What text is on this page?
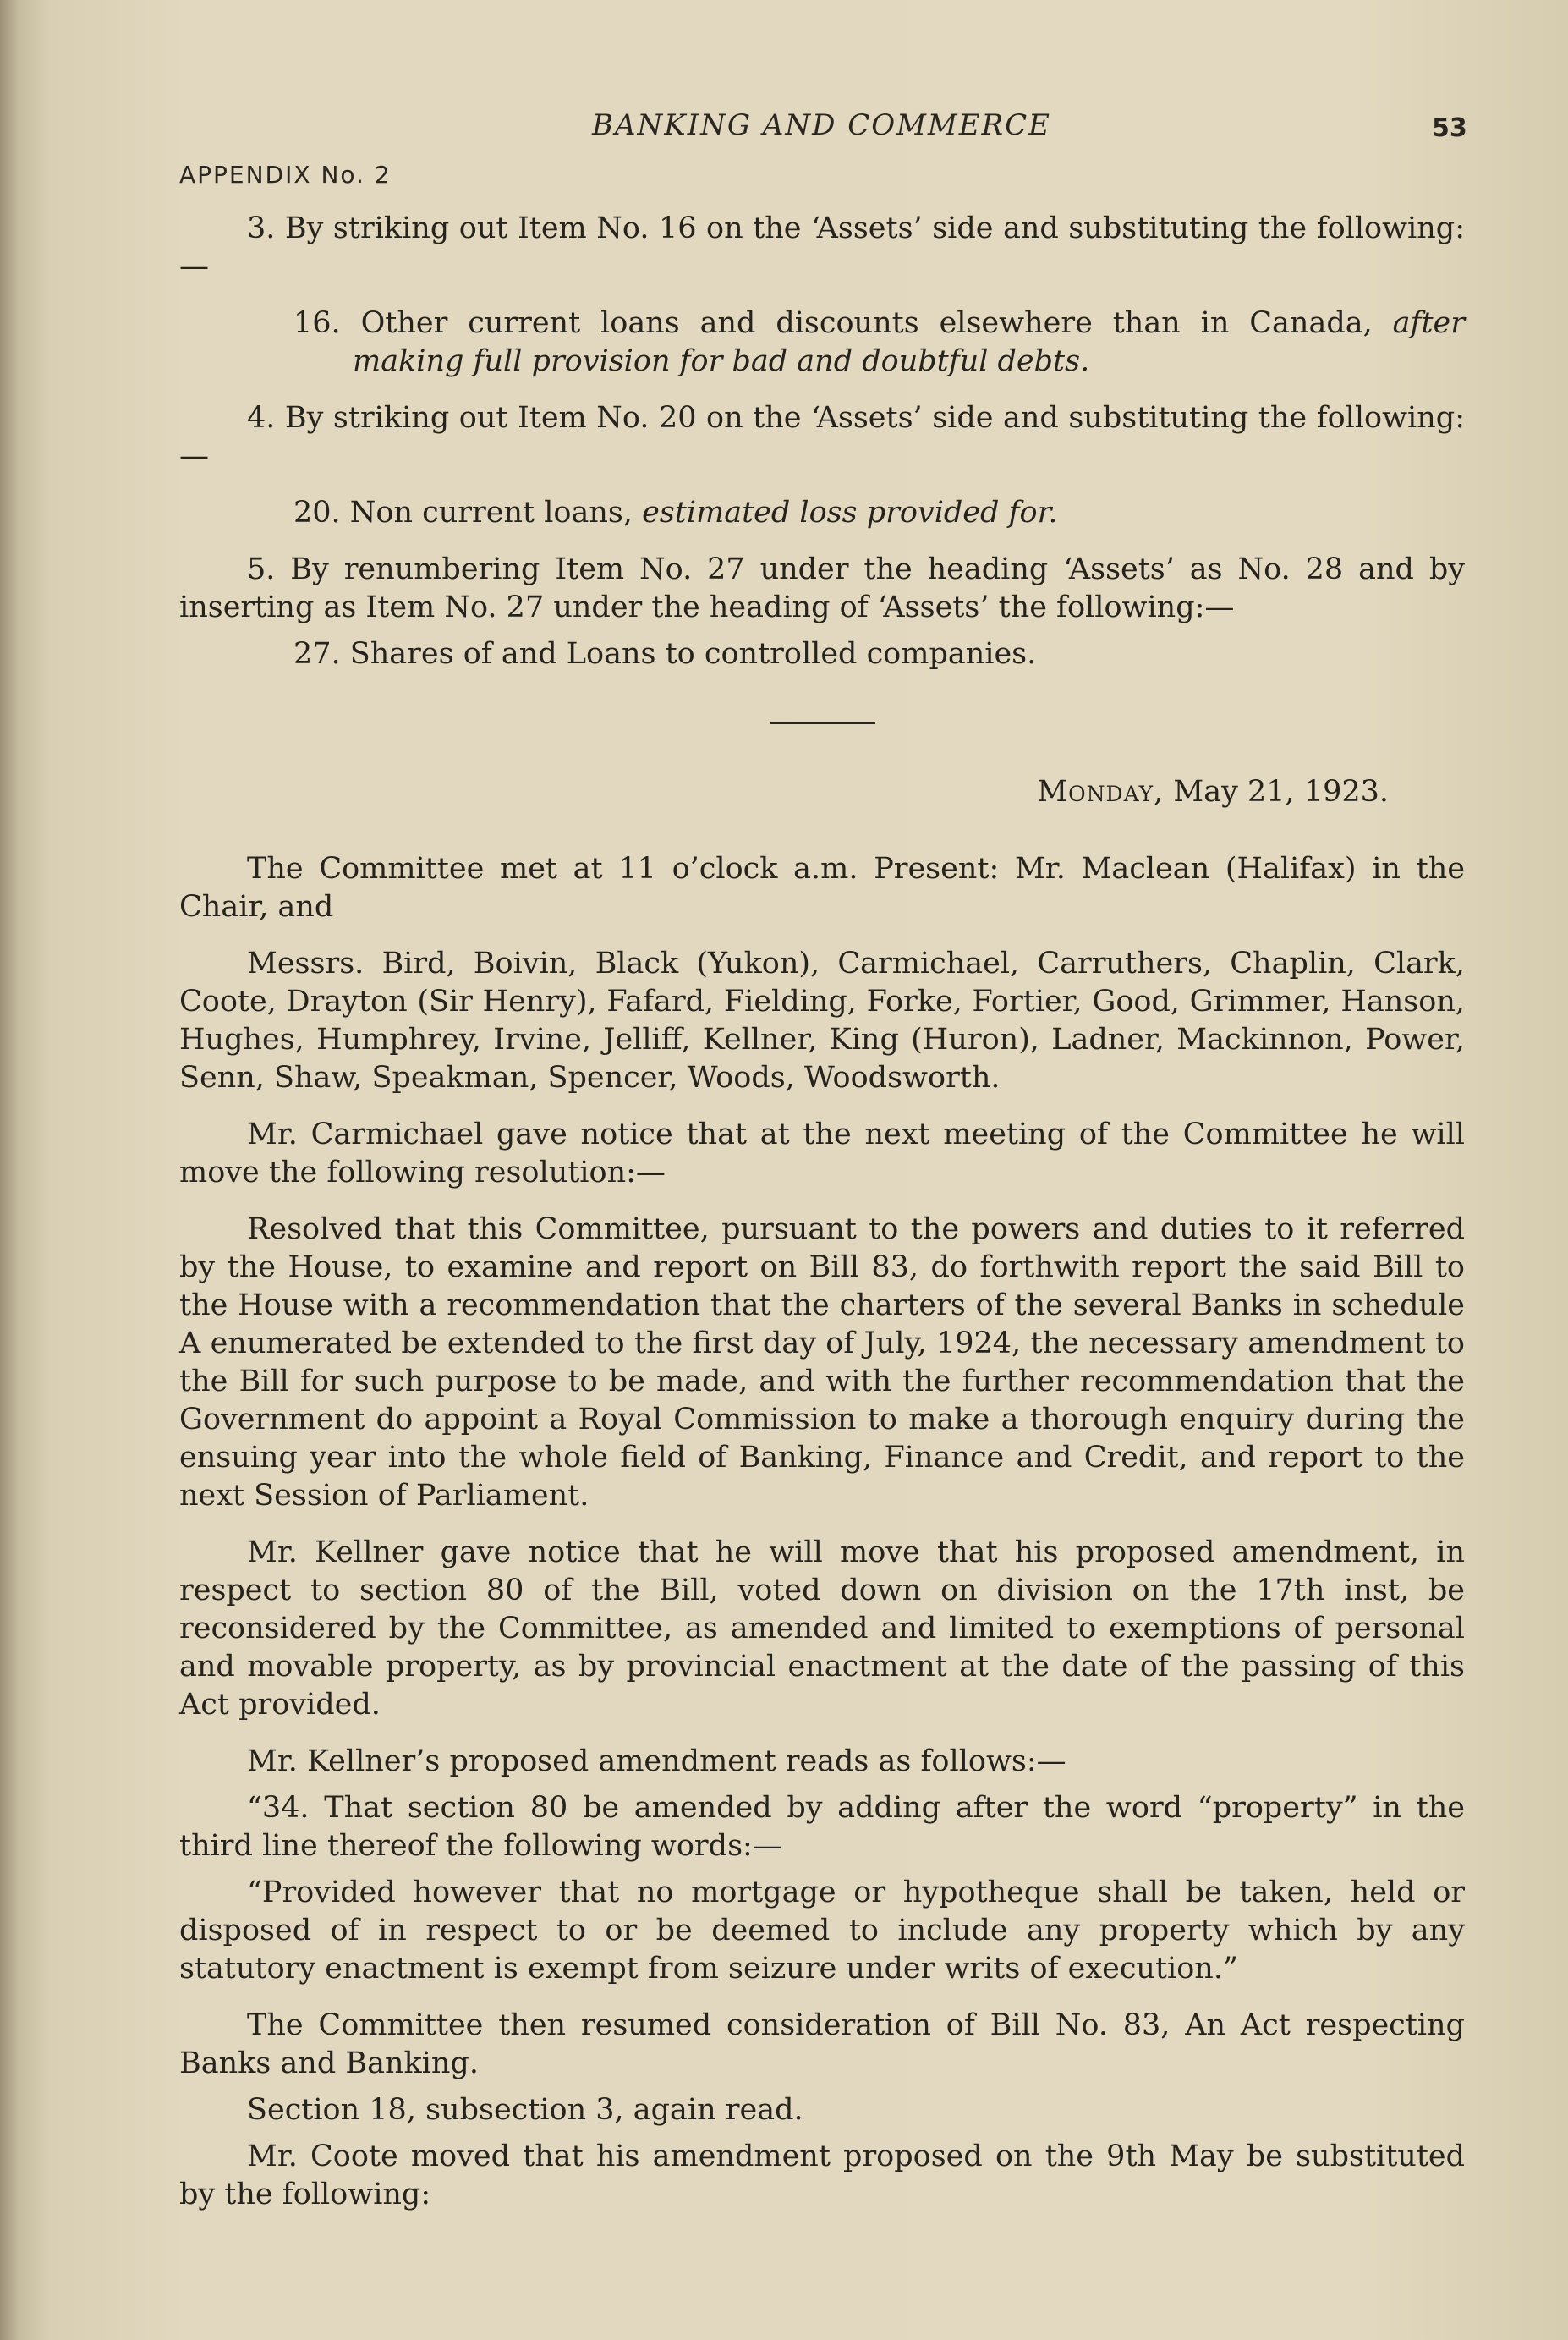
BANKING AND COMMERCE	53
APPENDIX No. 2

3. By striking out Item No. 16 on the ‘Assets’ side and substituting the following:—

16. Other current loans and discounts elsewhere than in Canada, after making full provision for bad and doubtful debts.

4. By striking out Item No. 20 on the ‘Assets’ side and substituting the following:—

20. Non current loans, estimated loss provided for.

5. By renumbering Item No. 27 under the heading ‘Assets’ as No. 28 and by inserting as Item No. 27 under the heading of ‘Assets’ the following:—

27. Shares of and Loans to controlled companies.

Monday, May 21, 1923.

The Committee met at 11 o’clock a.m. Present: Mr. Maclean (Halifax) in the Chair, and

Messrs. Bird, Boivin, Black (Yukon), Carmichael, Carruthers, Chaplin, Clark, Coote, Drayton (Sir Henry), Fafard, Fielding, Forke, Fortier, Good, Grimmer, Hanson, Hughes, Humphrey, Irvine, Jelliff, Kellner, King (Huron), Ladner, Mackinnon, Power, Senn, Shaw, Speakman, Spencer, Woods, Woodsworth.

Mr. Carmichael gave notice that at the next meeting of the Committee he will move the following resolution:—

Resolved that this Committee, pursuant to the powers and duties to it referred by the House, to examine and report on Bill 83, do forthwith report the said Bill to the House with a recommendation that the charters of the several Banks in schedule A enumerated be extended to the first day of July, 1924, the necessary amendment to the Bill for such purpose to be made, and with the further recommendation that the Government do appoint a Royal Commission to make a thorough enquiry during the ensuing year into the whole field of Banking, Finance and Credit, and report to the next Session of Parliament.

Mr. Kellner gave notice that he will move that his proposed amendment, in respect to section 80 of the Bill, voted down on division on the 17th inst, be reconsidered by the Committee, as amended and limited to exemptions of personal and movable property, as by provincial enactment at the date of the passing of this Act provided.

Mr. Kellner’s proposed amendment reads as follows:—

“34. That section 80 be amended by adding after the word “property” in the third line thereof the following words:—

“Provided however that no mortgage or hypotheque shall be taken, held or disposed of in respect to or be deemed to include any property which by any statutory enactment is exempt from seizure under writs of execution.”

The Committee then resumed consideration of Bill No. 83, An Act respecting Banks and Banking.

Section 18, subsection 3, again read.

Mr. Coote moved that his amendment proposed on the 9th May be substituted by the following:
